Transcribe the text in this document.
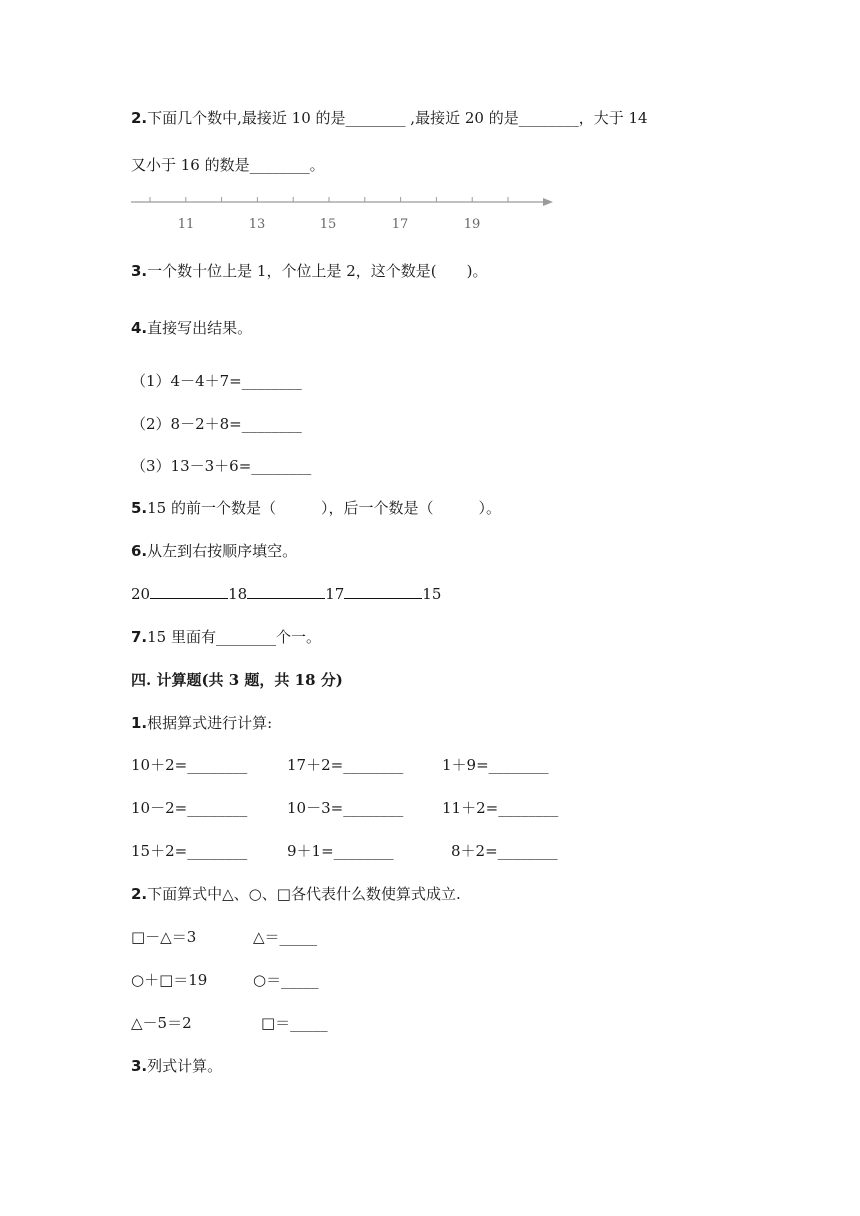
2.下面几个数中,最接近 10 的是________ ,最接近 20 的是________，大于 14
又小于 16 的数是________。
11	13	15	17	19
3.一个数十位上是 1，个位上是 2，这个数是(　　)。
4.直接写出结果。
（1）4－4＋7=________
（2）8－2＋8=________
（3）13－3＋6=________
5.15 的前一个数是（　　　），后一个数是（　　　）。
6.从左到右按顺序填空。
20	18	17	15
7.15 里面有________个一。
四. 计算题(共 3 题，共 18 分)
1.根据算式进行计算:
10＋2=________	17＋2=________	1＋9=________
10－2=________	10－3=________	11＋2=________
15＋2=________	9＋1=________	8＋2=________
2.下面算式中△、○、□各代表什么数使算式成立.
□－△＝3	△＝_____
○＋□＝19	○＝_____
△－5＝2	□＝_____
3.列式计算。
